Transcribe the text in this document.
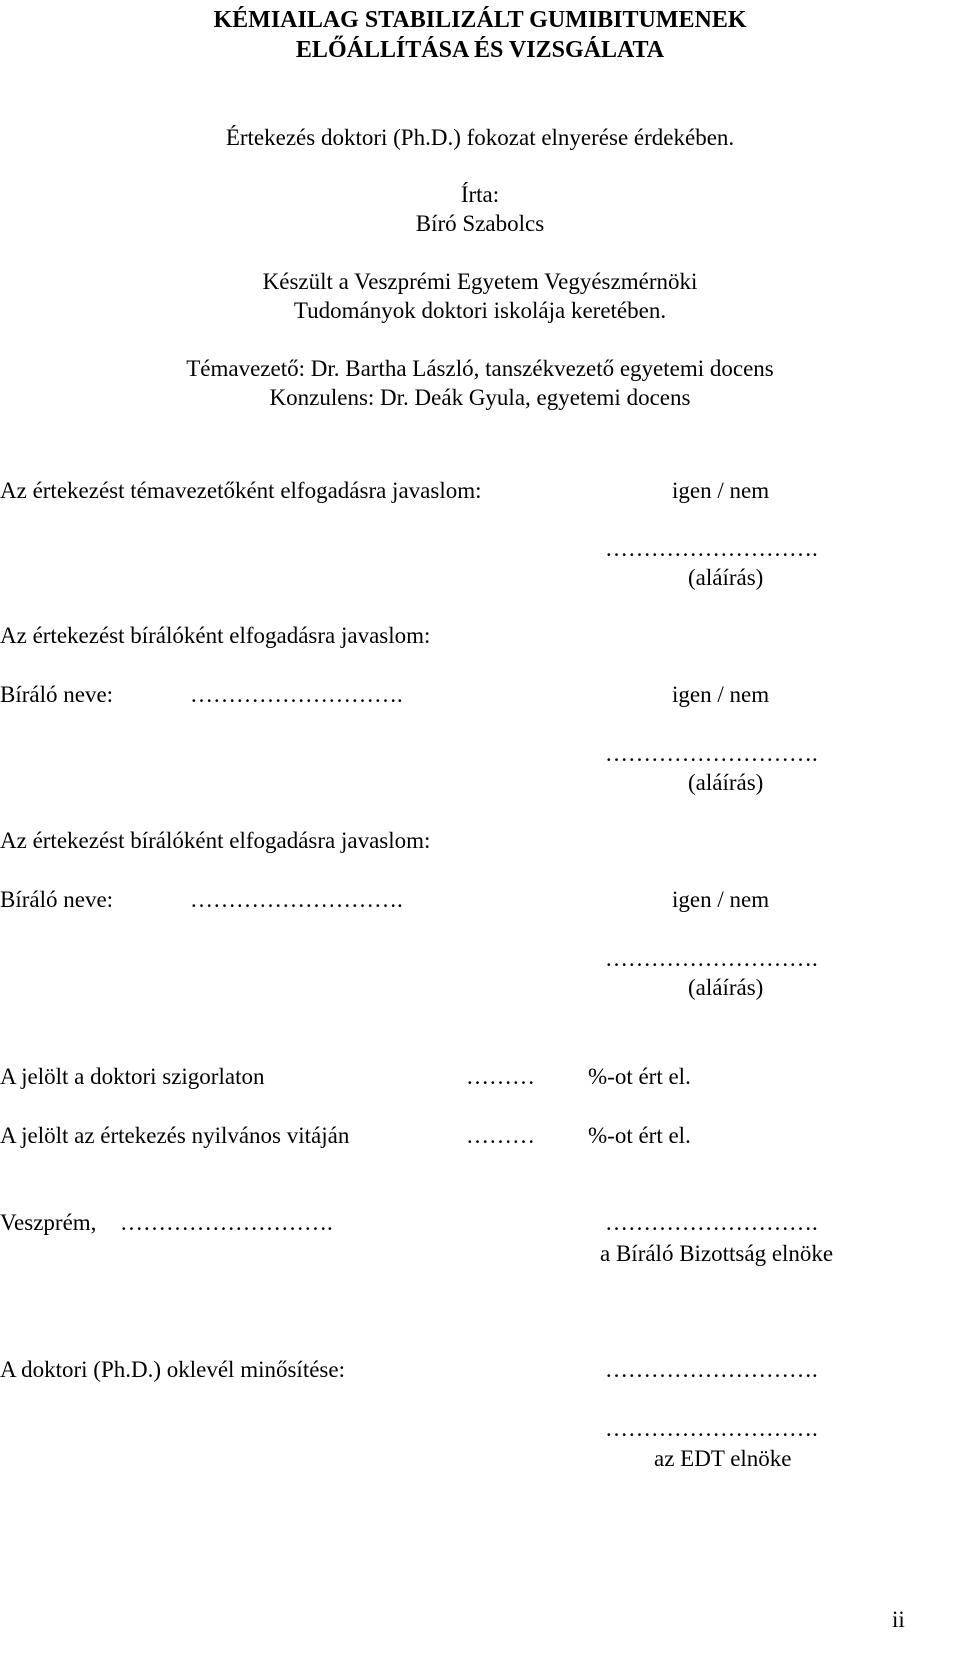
KÉMIAILAG STABILIZÁLT GUMIBITUMENEK
ELŐÁLLÍTÁSA ÉS VIZSGÁLATA
Értekezés doktori (Ph.D.) fokozat elnyerése érdekében.
Írta:
Bíró Szabolcs
Készült a Veszprémi Egyetem Vegyészmérnöki
Tudományok doktori iskolája keretében.
Témavezető: Dr. Bartha László, tanszékvezető egyetemi docens
Konzulens: Dr. Deák Gyula, egyetemi docens
Az értekezést témavezetőként elfogadásra javaslom:	igen / nem
……………………….
(aláírás)
Az értekezést bírálóként elfogadásra javaslom:
Bíráló neve:	……………………….	igen / nem
……………………….
(aláírás)
Az értekezést bírálóként elfogadásra javaslom:
Bíráló neve:	……………………….	igen / nem
……………………….
(aláírás)
A jelölt a doktori szigorlaton	……… %-ot ért el.
A jelölt az értekezés nyilvános vitáján	……… %-ot ért el.
Veszprém, ……………………….	……………………….
a Bíráló Bizottság elnöke
A doktori (Ph.D.) oklevél minősítése:	……………………….
……………………….
az EDT elnöke
ii
